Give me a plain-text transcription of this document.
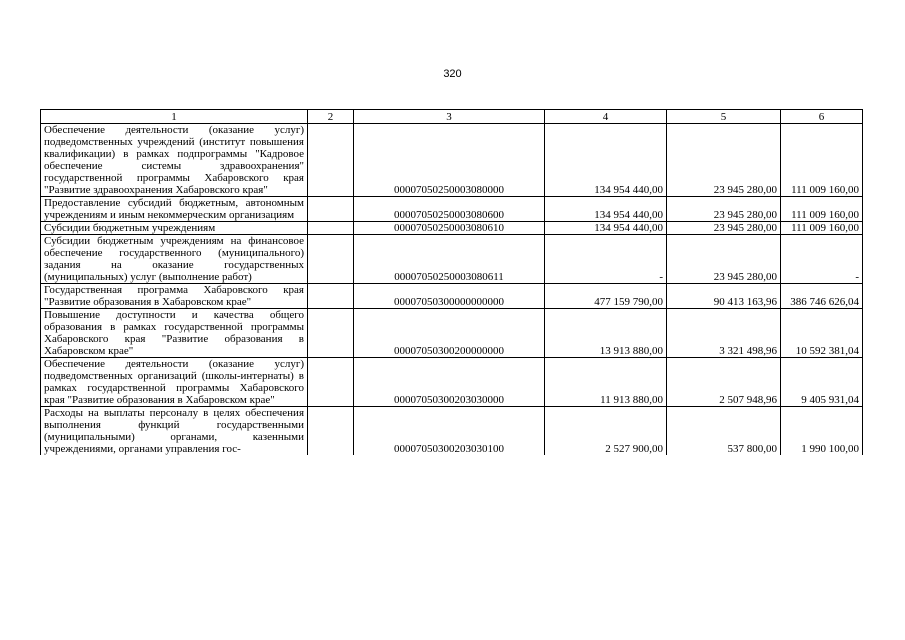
320
1	2	3	4	5	6
Обеспечение деятельности (оказание услуг) подведомственных учреждений (институт повышения квалификации) в рамках подпрограммы "Кадровое обеспечение системы здравоохранения" государственной программы Хабаровского края "Развитие здравоохранения Хабаровского края"		00007050250003080000	134 954 440,00	23 945 280,00	111 009 160,00
Предоставление субсидий бюджетным, автономным учреждениям и иным некоммерческим организациям		00007050250003080600	134 954 440,00	23 945 280,00	111 009 160,00
Субсидии бюджетным учреждениям		00007050250003080610	134 954 440,00	23 945 280,00	111 009 160,00
Субсидии бюджетным учреждениям на финансовое обеспечение государственного (муниципального) задания на оказание государственных (муниципальных) услуг (выполнение работ)		00007050250003080611	-	23 945 280,00	-
Государственная программа Хабаровского края "Развитие образования в Хабаровском крае"		00007050300000000000	477 159 790,00	90 413 163,96	386 746 626,04
Повышение доступности и качества общего образования в рамках государственной программы Хабаровского края "Развитие образования в Хабаровском крае"		00007050300200000000	13 913 880,00	3 321 498,96	10 592 381,04
Обеспечение деятельности (оказание услуг) подведомственных организаций (школы-интернаты) в рамках государственной программы Хабаровского края "Развитие образования в Хабаровском крае"		00007050300203030000	11 913 880,00	2 507 948,96	9 405 931,04
Расходы на выплаты персоналу в целях обеспечения выполнения функций государственными (муниципальными) органами, казенными учреждениями, органами управления гос-		00007050300203030100	2 527 900,00	537 800,00	1 990 100,00
